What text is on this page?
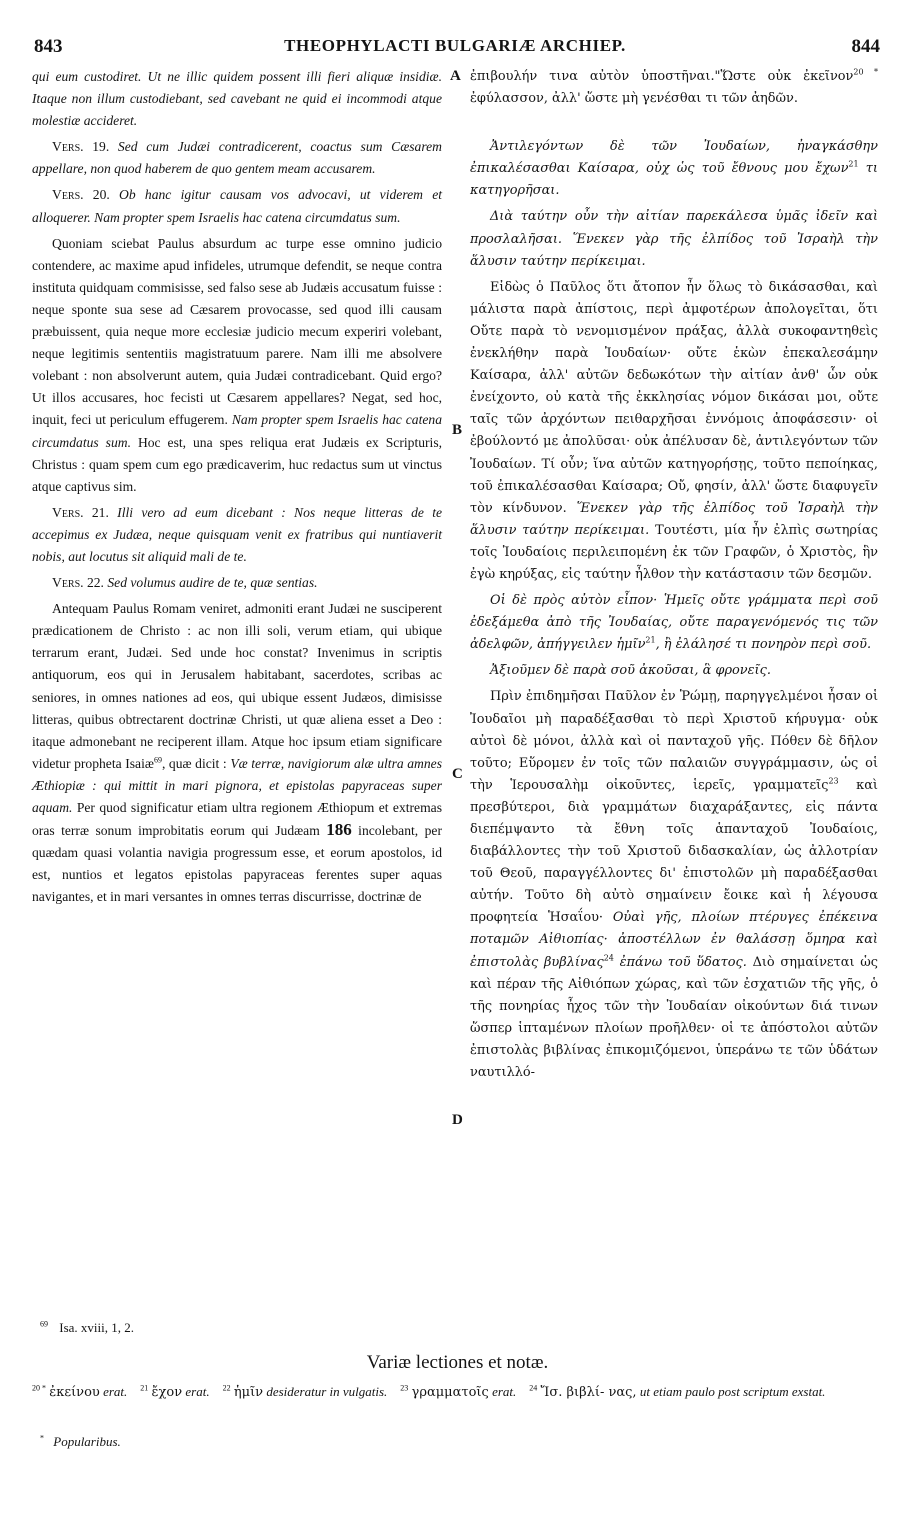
843	THEOPHYLACTI BULGARIÆ ARCHIEP.	844
A
B
C
D

qui eum custodiret. Ut ne illic quidem possent illi fieri aliquæ insidiæ. Itaque non illum custodiebant, sed cavebant ne quid ei incommodi atque molestiæ accideret.

Vers. 19. Sed cum Judæi contradicerent, coactus sum Cæsarem appellare, non quod haberem de quo gentem meam accusarem.

Vers. 20. Ob hanc igitur causam vos advocavi, ut viderem et alloquerer. Nam propter spem Israelis hac catena circumdatus sum.

Quoniam sciebat Paulus absurdum ac turpe esse omnino judicio contendere, ac maxime apud infideles, utrumque defendit, se neque contra instituta quidquam commisisse, sed falso sese ab Judæis accusatum fuisse : neque sponte sua sese ad Cæsarem provocasse, sed quod illi causam præbuissent, quia neque more ecclesiæ judicio mecum experiri volebant, neque legitimis sententiis magistratuum parere. Nam illi me absolvere volebant : non absolverunt autem, quia Judæi contradicebant. Quid ergo? Ut illos accusares, hoc fecisti ut Cæsarem appellares? Negat, sed hoc, inquit, feci ut periculum effugerem. Nam propter spem Israelis hac catena circumdatus sum. Hoc est, una spes reliqua erat Judæis ex Scripturis, Christus : quam spem cum ego prædicaverim, huc redactus sum ut vinctus atque captivus sim.

Vers. 21. Illi vero ad eum dicebant : Nos neque litteras de te accepimus ex Judæa, neque quisquam venit ex fratribus qui nuntiaverit nobis, aut locutus sit aliquid mali de te.

Vers. 22. Sed volumus audire de te, quæ sentias.

Antequam Paulus Romam veniret, admoniti erant Judæi ne susciperent prædicationem de Christo : ac non illi soli, verum etiam, qui ubique terrarum erant, Judæi. Sed unde hoc constat? Invenimus in scriptis antiquorum, eos qui in Jerusalem habitabant, sacerdotes, scribas ac seniores, in omnes nationes ad eos, qui ubique essent Judæos, dimisisse litteras, quibus obtrectarent doctrinæ Christi, ut quæ aliena esset a Deo : itaque admonebant ne reciperent illam. Atque hoc ipsum etiam significare videtur propheta Isaiæ$^{69}$, quæ dicit : Væ terræ, navigiorum alæ ultra amnes Æthiopiæ : qui mittit in mari pignora, et epistolas papyraceas super aquam. Per quod significatur etiam ultra regionem Æthiopum et extremas oras terræ sonum improbitatis eorum qui Judæam 186 incolebant, per quædam quasi volantia navigia progressum esse, et eorum apostolos, id est, nuntios et legatos epistolas papyraceas ferentes super aquas navigantes, et in mari versantes in omnes terras discurrisse, doctrinæ de

ἐπιβουλήν τινα αὐτὸν ὑποστῆναι."Ὥστε οὐκ ἐκεῖνον$^{20 *}$ ἐφύλασσον, ἀλλ' ὥστε μὴ γενέσθαι τι τῶν ἀηδῶν.

Ἀντιλεγόντων δὲ τῶν Ἰουδαίων, ἠναγκάσθην ἐπικαλέσασθαι Καίσαρα, οὐχ ὡς τοῦ ἔθνους μου ἔχων$^{21}$ τι κατηγορῆσαι.

Διὰ ταύτην οὖν τὴν αἰτίαν παρεκάλεσα ὑμᾶς ἰδεῖν καὶ προσλαλῆσαι. Ἕνεκεν γὰρ τῆς ἐλπίδος τοῦ Ἰσραὴλ τὴν ἅλυσιν ταύτην περίκειμαι.

Εἰδὼς ὁ Παῦλος ὅτι ἄτοπον ἦν ὅλως τὸ δικάσασθαι, καὶ μάλιστα παρὰ ἀπίστοις, περὶ ἀμφοτέρων ἀπολογεῖται, ὅτι Οὔτε παρὰ τὸ νενομισμένον πράξας, ἀλλὰ συκοφαντηθεὶς ἐνεκλήθην παρὰ Ἰουδαίων· οὔτε ἑκὼν ἐπεκαλεσάμην Καίσαρα, ἀλλ' αὐτῶν δεδωκότων τὴν αἰτίαν ἀνθ' ὧν οὐκ ἐνείχοντο, οὐ κατὰ τῆς ἐκκλησίας νόμον δικάσαι μοι, οὔτε ταῖς τῶν ἀρχόντων πειθαρχῆσαι ἐννόμοις ἀποφάσεσιν· οἱ ἐβούλοντό με ἀπολῦσαι· οὐκ ἀπέλυσαν δὲ, ἀντιλεγόντων τῶν Ἰουδαίων. Τί οὖν; ἵνα αὐτῶν κατηγορήσῃς, τοῦτο πεποίηκας, τοῦ ἐπικαλέσασθαι Καίσαρα; Οὔ, φησίν, ἀλλ' ὥστε διαφυγεῖν τὸν κίνδυνον. Ἕνεκεν γὰρ τῆς ἐλπίδος τοῦ Ἰσραὴλ τὴν ἅλυσιν ταύτην περίκειμαι. Τουτέστι, μία ἦν ἐλπὶς σωτηρίας τοῖς Ἰουδαίοις περιλειπομένη ἐκ τῶν Γραφῶν, ὁ Χριστὸς, ἣν ἐγὼ κηρύξας, εἰς ταύτην ἦλθον τὴν κατάστασιν τῶν δεσμῶν.

Οἱ δὲ πρὸς αὐτὸν εἶπον· Ἡμεῖς οὔτε γράμματα περὶ σοῦ ἐδεξάμεθα ἀπὸ τῆς Ἰουδαίας, οὔτε παραγενόμενός τις τῶν ἀδελφῶν, ἀπήγγειλεν ἡμῖν$^{21}$, ἢ ἐλάλησέ τι πονηρὸν περὶ σοῦ.

Ἀξιοῦμεν δὲ παρὰ σοῦ ἀκοῦσαι, ἃ φρονεῖς.

Πρὶν ἐπιδημῆσαι Παῦλον ἐν Ῥώμῃ, παρηγγελμένοι ἦσαν οἱ Ἰουδαῖοι μὴ παραδέξασθαι τὸ περὶ Χριστοῦ κήρυγμα· οὐκ αὐτοὶ δὲ μόνοι, ἀλλὰ καὶ οἱ πανταχοῦ γῆς. Πόθεν δὲ δῆλον τοῦτο; Εὕρομεν ἐν τοῖς τῶν παλαιῶν συγγράμμασιν, ὡς οἱ τὴν Ἱερουσαλὴμ οἰκοῦντες, ἱερεῖς, γραμματεῖς$^{23}$ καὶ πρεσβύτεροι, διὰ γραμμάτων διαχαράξαντες, εἰς πάντα διεπέμψαντο τὰ ἔθνη τοῖς ἁπανταχοῦ Ἰουδαίοις, διαβάλλοντες τὴν τοῦ Χριστοῦ διδασκαλίαν, ὡς ἀλλοτρίαν τοῦ Θεοῦ, παραγγέλλοντες δι' ἐπιστολῶν μὴ παραδέξασθαι αὐτήν. Τοῦτο δὴ αὐτὸ σημαίνειν ἔοικε καὶ ἡ λέγουσα προφητεία Ἡσαΐου· Οὐαὶ γῆς, πλοίων πτέρυγες ἐπέκεινα ποταμῶν Αἰθιοπίας· ἀποστέλλων ἐν θαλάσσῃ ὅμηρα καὶ ἐπιστολὰς βυβλίνας$^{24}$ ἐπάνω τοῦ ὕδατος. Διὸ σημαίνεται ὡς καὶ πέραν τῆς Αἰθιόπων χώρας, καὶ τῶν ἐσχατιῶν τῆς γῆς, ὁ τῆς πονηρίας ἦχος τῶν τὴν Ἰουδαίαν οἰκούντων διά τινων ὥσπερ ἱπταμένων πλοίων προῆλθεν· οἱ τε ἀπόστολοι αὐτῶν ἐπιστολὰς βιβλίνας ἐπικομιζόμενοι, ὑπεράνω τε τῶν ὑδάτων ναυτιλλό-

$^{69}$ Isa. xviii, 1, 2.
Variæ lectiones et notæ.
$^{20 *}$ ἐκείνου erat. $^{21}$ ἔχον erat. $^{22}$ ἡμῖν desideratur in vulgatis. $^{23}$ γραμματοῖς erat. $^{24}$ Ἴσ. βιβλί- νας, ut etiam paulo post scriptum exstat.
* Popularibus.
